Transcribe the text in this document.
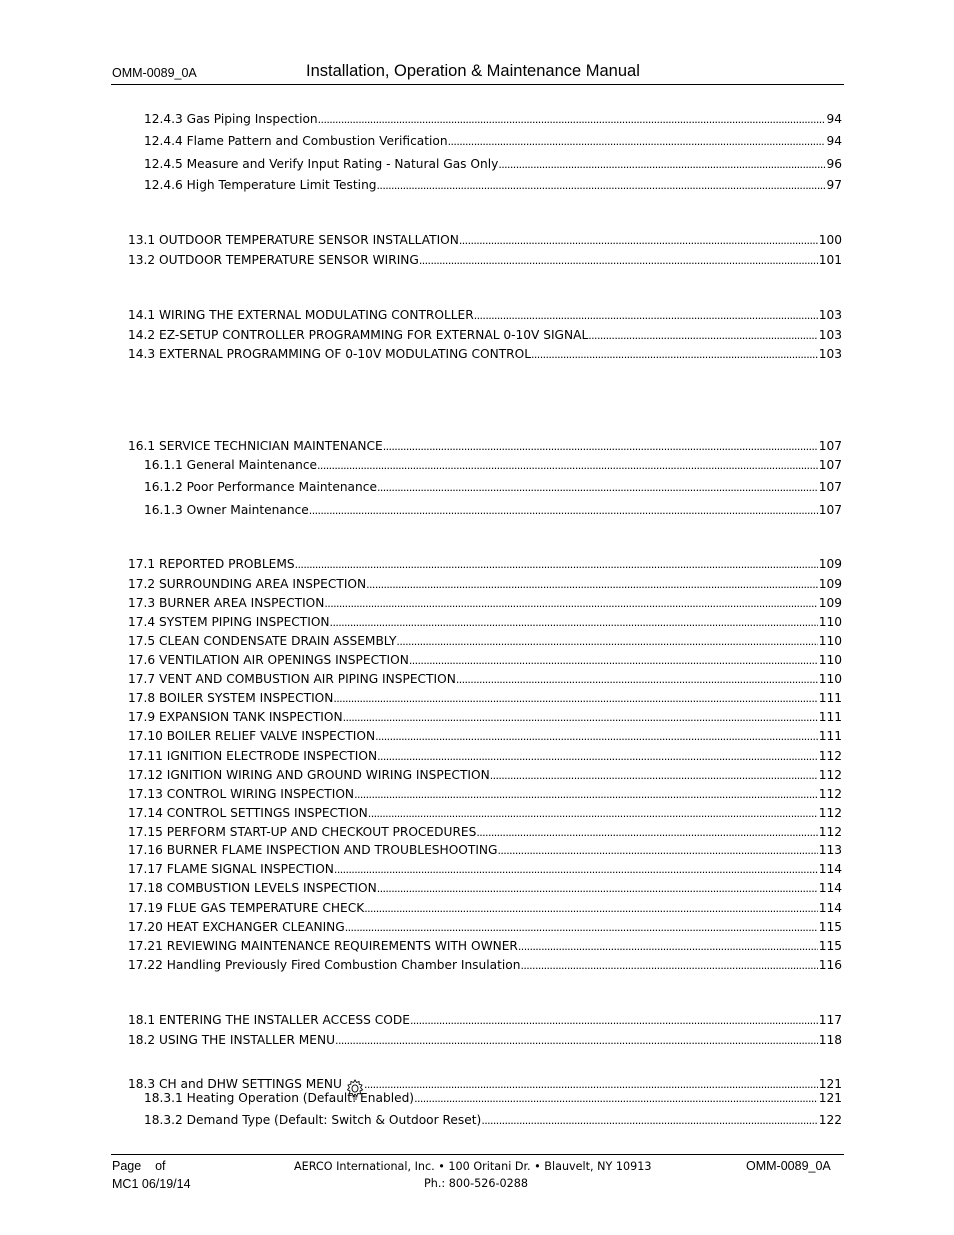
OMM-0089_0A	Installation, Operation & Maintenance Manual
12.4.3 Gas Piping Inspection .....	94
12.4.4 Flame Pattern and Combustion Verification .....	94
12.4.5 Measure and Verify Input Rating - Natural Gas Only .....	96
12.4.6 High Temperature Limit Testing .....	97
13.1 OUTDOOR TEMPERATURE SENSOR INSTALLATION .....	100
13.2 OUTDOOR TEMPERATURE SENSOR WIRING .....	101
14.1 WIRING THE EXTERNAL MODULATING CONTROLLER .....	103
14.2 EZ-SETUP CONTROLLER PROGRAMMING FOR EXTERNAL 0-10V SIGNAL .....	103
14.3 EXTERNAL PROGRAMMING OF 0-10V MODULATING CONTROL .....	103
16.1 SERVICE TECHNICIAN MAINTENANCE .....	107
16.1.1 General Maintenance .....	107
16.1.2 Poor Performance Maintenance .....	107
16.1.3 Owner Maintenance .....	107
17.1 REPORTED PROBLEMS .....	109
17.2 SURROUNDING AREA INSPECTION .....	109
17.3 BURNER AREA INSPECTION .....	109
17.4 SYSTEM PIPING INSPECTION .....	110
17.5 CLEAN CONDENSATE DRAIN ASSEMBLY .....	110
17.6 VENTILATION AIR OPENINGS INSPECTION .....	110
17.7 VENT AND COMBUSTION AIR PIPING INSPECTION .....	110
17.8 BOILER SYSTEM INSPECTION .....	111
17.9 EXPANSION TANK INSPECTION .....	111
17.10 BOILER RELIEF VALVE INSPECTION .....	111
17.11 IGNITION ELECTRODE INSPECTION .....	112
17.12 IGNITION WIRING AND GROUND WIRING INSPECTION .....	112
17.13 CONTROL WIRING INSPECTION .....	112
17.14 CONTROL SETTINGS INSPECTION .....	112
17.15 PERFORM START-UP AND CHECKOUT PROCEDURES .....	112
17.16 BURNER FLAME INSPECTION AND TROUBLESHOOTING .....	113
17.17 FLAME SIGNAL INSPECTION .....	114
17.18 COMBUSTION LEVELS INSPECTION .....	114
17.19 FLUE GAS TEMPERATURE CHECK .....	114
17.20 HEAT EXCHANGER CLEANING .....	115
17.21 REVIEWING MAINTENANCE REQUIREMENTS WITH OWNER .....	115
17.22 Handling Previously Fired Combustion Chamber Insulation .....	116
18.1 ENTERING THE INSTALLER ACCESS CODE .....	117
18.2 USING THE INSTALLER MENU .....	118
18.3 CH and DHW SETTINGS MENU .....	121
18.3.1 Heating Operation (Default: Enabled) .....	121
18.3.2 Demand Type (Default: Switch & Outdoor Reset) .....	122
Page of
MC1 06/19/14
AERCO International, Inc. • 100 Oritani Dr. • Blauvelt, NY 10913
Ph.: 800-526-0288
OMM-0089_0A
